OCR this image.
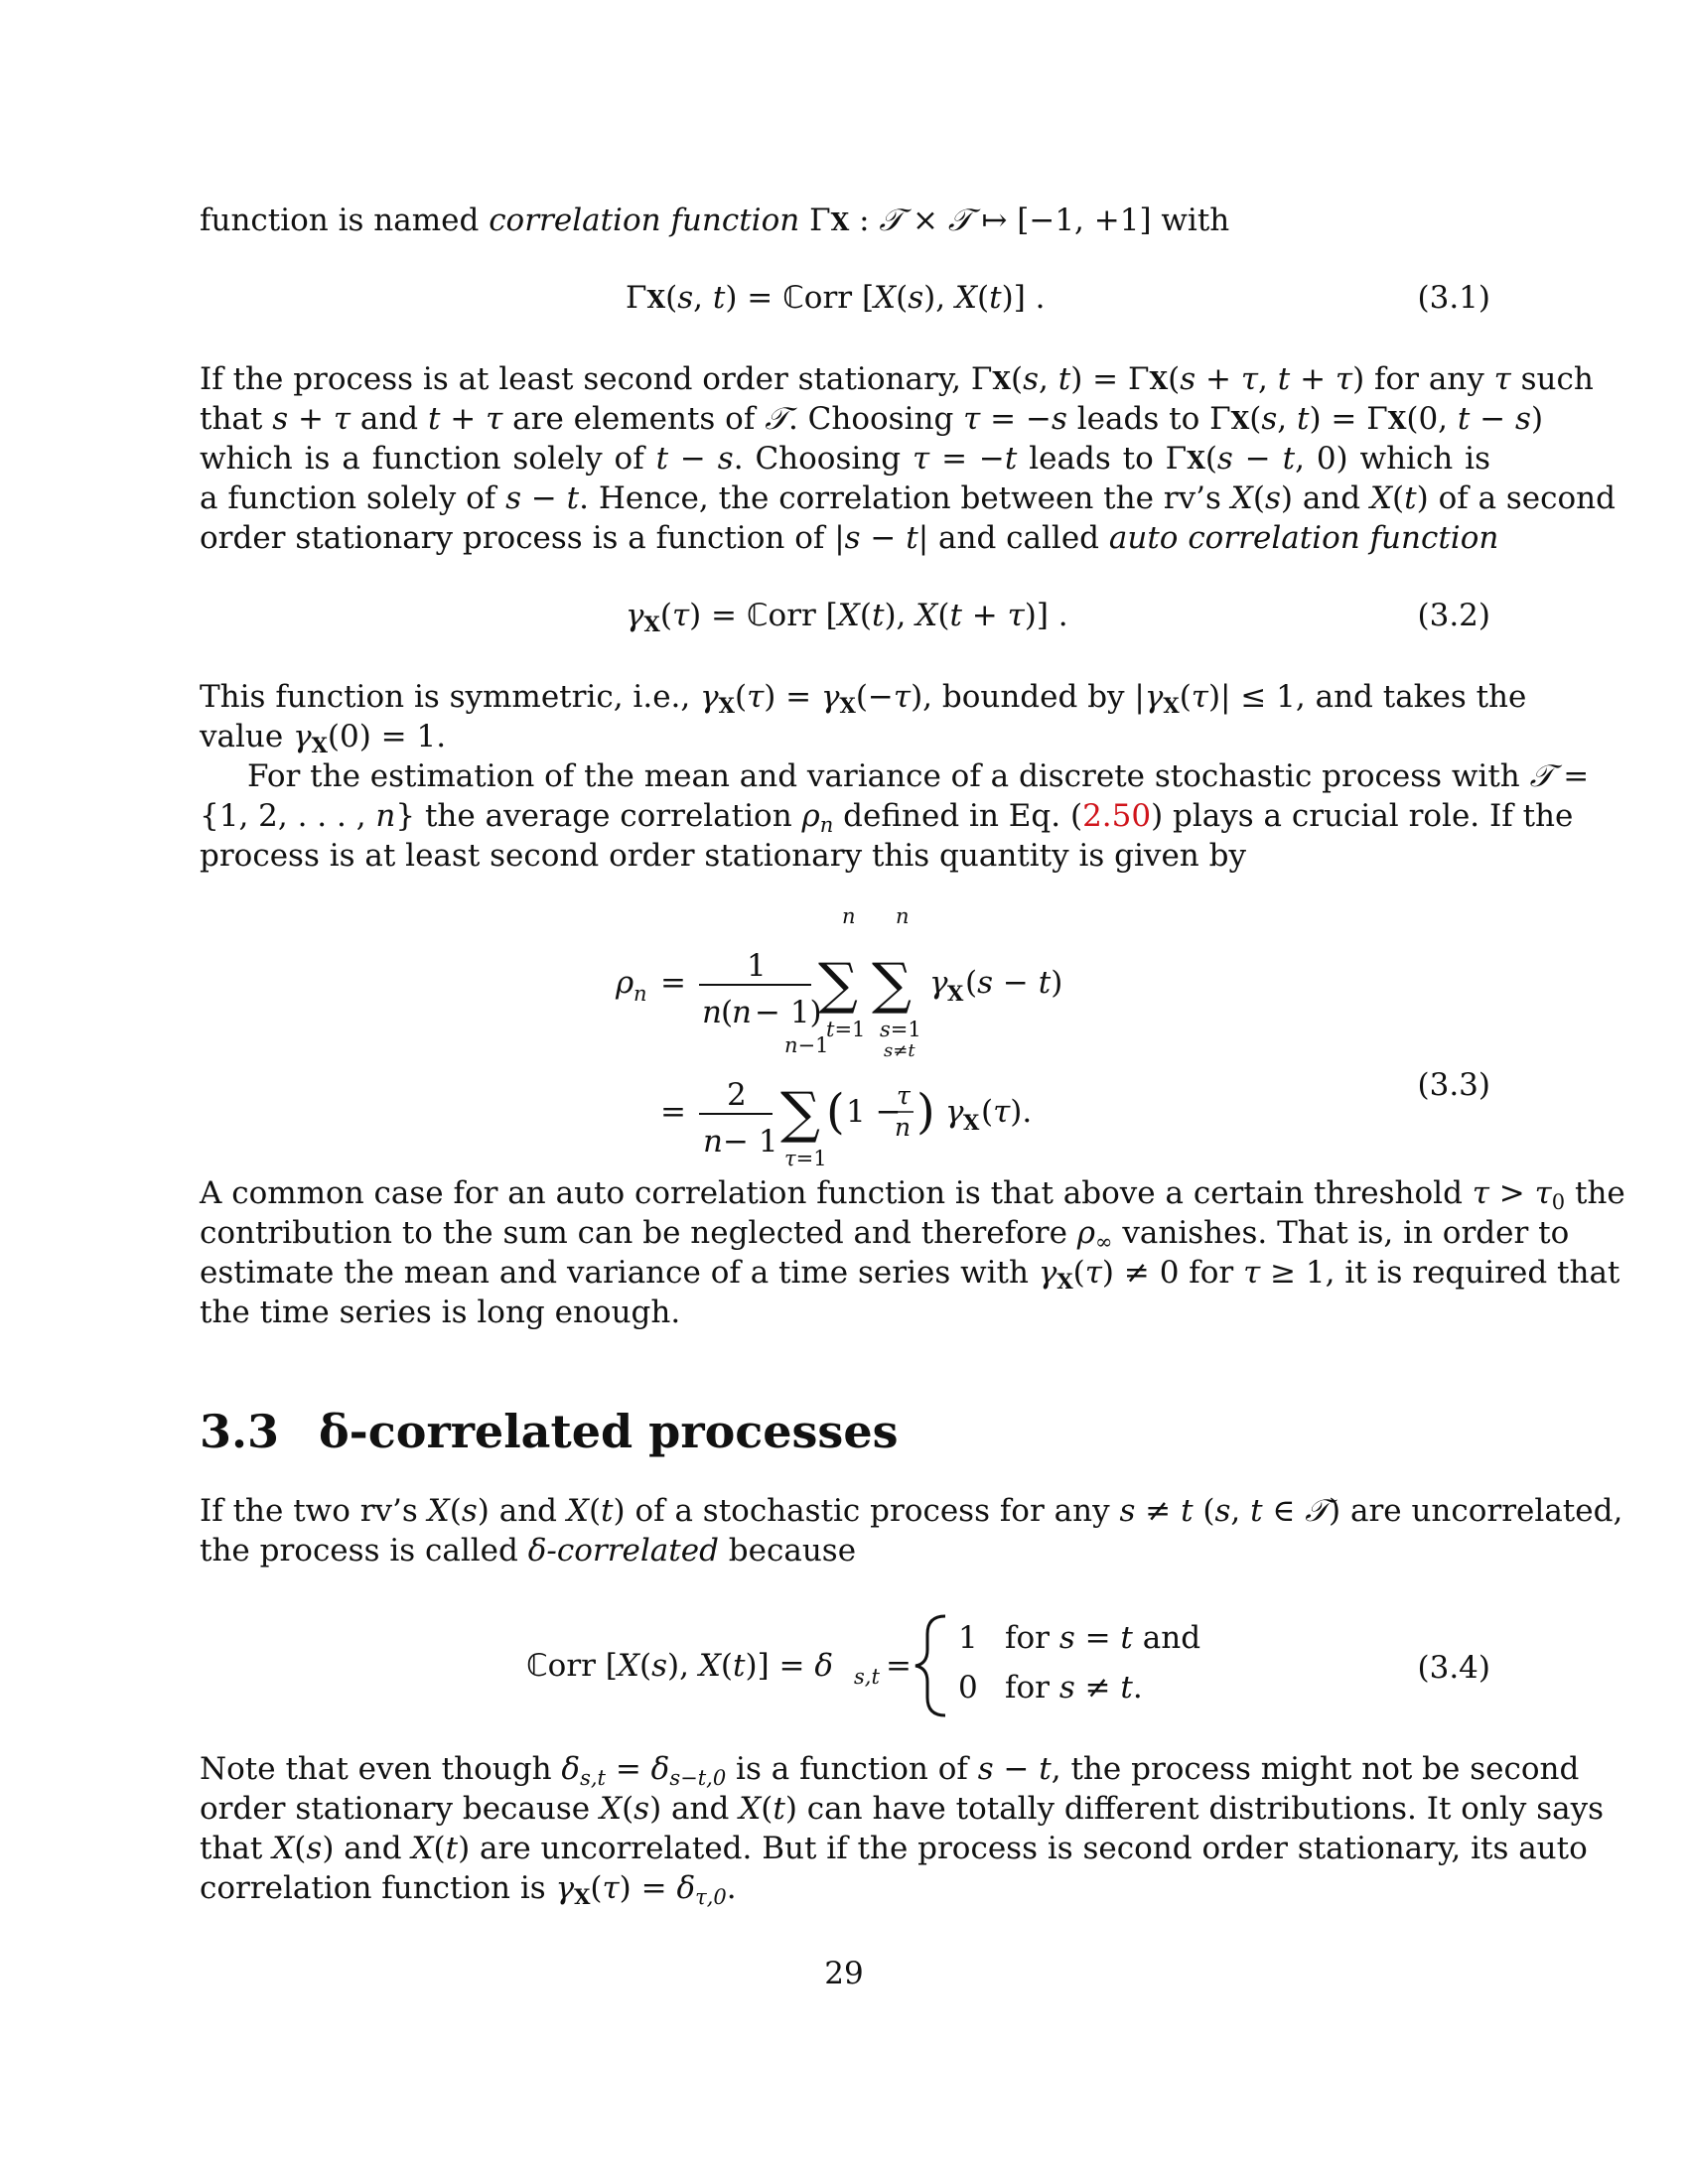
function is named correlation function ΓX : 𝒯 × 𝒯 ↦ [−1, +1] with
ΓX(s, t) = ℂorr [X(s), X(t)] .	(3.1)
If the process is at least second order stationary, ΓX(s, t) = ΓX(s + τ, t + τ) for any τ such
that s + τ and t + τ are elements of 𝒯. Choosing τ = −s leads to ΓX(s, t) = ΓX(0, t − s)
which is a function solely of t − s. Choosing τ = −t leads to ΓX(s − t, 0) which is
a function solely of s − t. Hence, the correlation between the rv’s X(s) and X(t) of a second
order stationary process is a function of |s − t| and called auto correlation function
$\gamma_X(\tau)$ = ℂorr [X(t), X(t + τ)] .	(3.2)
This function is symmetric, i.e., $\gamma_X(\tau) = \gamma_X(-\tau)$, bounded by $|\gamma_X(\tau)| \le 1$, and takes the
value $\gamma_X(0) = 1$.
For the estimation of the mean and variance of a discrete stochastic process with 𝒯 =
{1, 2, . . . , n} the average correlation $\rho_n$ defined in Eq. (2.50) plays a crucial role. If the
process is at least second order stationary this quantity is given by
ρ n = 1
n (
n − 1)
n
∑
t=1
n
∑
s=1
s≠t
γ X (s − t)
= 2
n − 1
n−1
∑
τ=1
( 1 −
τ
n ) γ X (τ).
(3.3)
A common case for an auto correlation function is that above a certain threshold $\tau > \tau_0$ the
contribution to the sum can be neglected and therefore $\rho_\infty$ vanishes. That is, in order to
estimate the mean and variance of a time series with $\gamma_X(\tau) \ne 0$ for τ ≥ 1, it is required that
the time series is long enough.
3.3 δ-correlated processes
If the two rv’s X(s) and X(t) of a stochastic process for any s ≠ t (s, t ∈ 𝒯) are uncorrelated,
the process is called δ-correlated because
ℂorr [X(s), X(t)] = δ s,t =
1 for s = t and
0 for s ≠ t.
(3.4)
Note that even though $\delta_{s,t} = \delta_{s-t,0}$ is a function of s − t, the process might not be second
order stationary because X(s) and X(t) can have totally different distributions. It only says
that X(s) and X(t) are uncorrelated. But if the process is second order stationary, its auto
correlation function is $\gamma_X(\tau) = \delta_{\tau,0}$.
29
